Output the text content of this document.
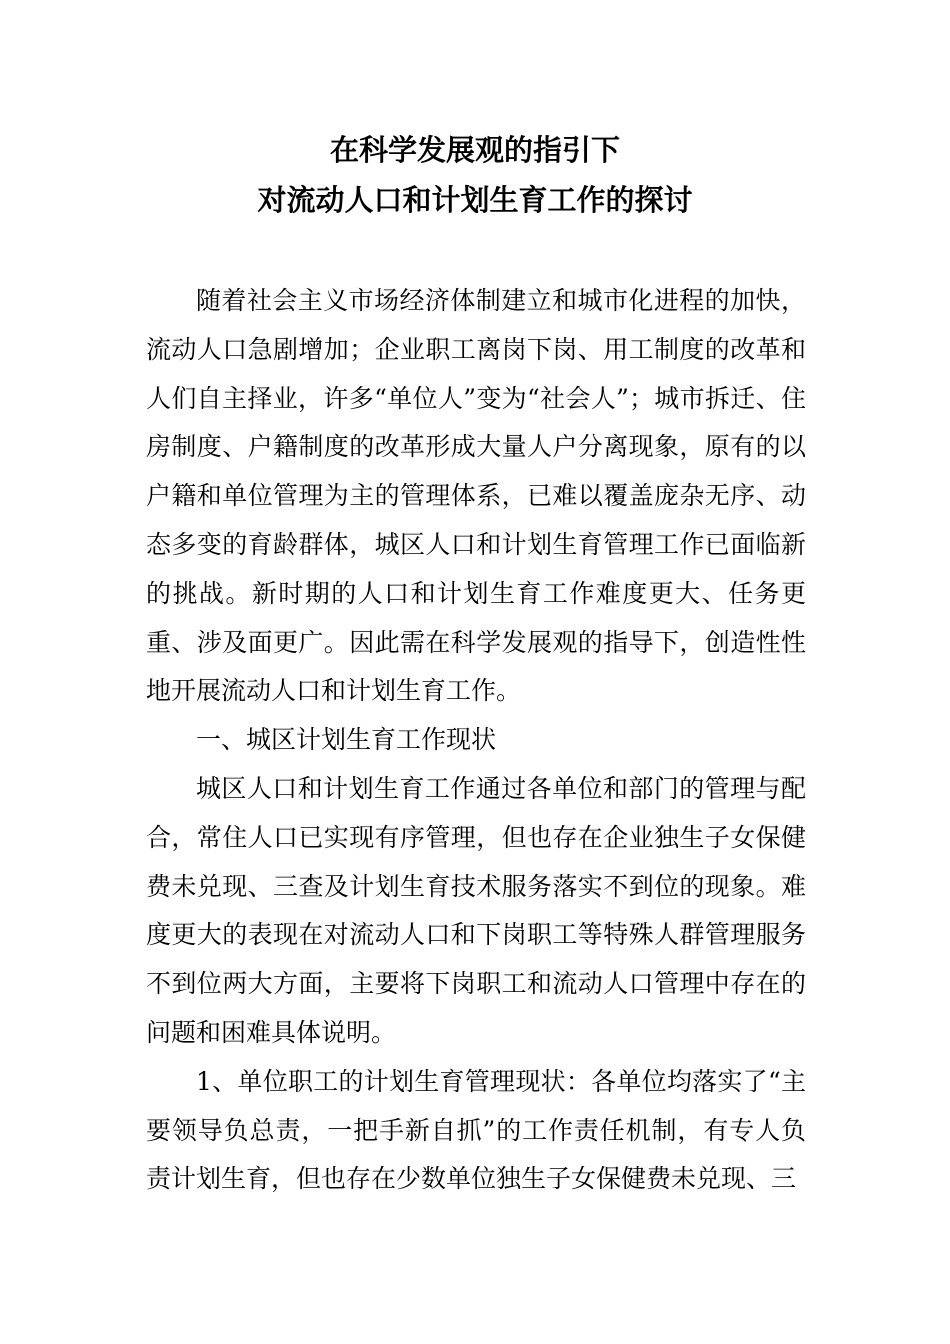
在科学发展观的指引下
对流动人口和计划生育工作的探讨

随着社会主义市场经济体制建立和城市化进程的加快，流动人口急剧增加；企业职工离岗下岗、用工制度的改革和人们自主择业，许多“单位人”变为“社会人”；城市拆迁、住房制度、户籍制度的改革形成大量人户分离现象，原有的以户籍和单位管理为主的管理体系，已难以覆盖庞杂无序、动态多变的育龄群体，城区人口和计划生育管理工作已面临新的挑战。新时期的人口和计划生育工作难度更大、任务更重、涉及面更广。因此需在科学发展观的指导下，创造性性地开展流动人口和计划生育工作。

一、城区计划生育工作现状

城区人口和计划生育工作通过各单位和部门的管理与配合，常住人口已实现有序管理，但也存在企业独生子女保健费未兑现、三查及计划生育技术服务落实不到位的现象。难度更大的表现在对流动人口和下岗职工等特殊人群管理服务不到位两大方面，主要将下岗职工和流动人口管理中存在的问题和困难具体说明。

1、单位职工的计划生育管理现状：各单位均落实了“主要领导负总责，一把手新自抓”的工作责任机制，有专人负责计划生育，但也存在少数单位独生子女保健费未兑现、三
